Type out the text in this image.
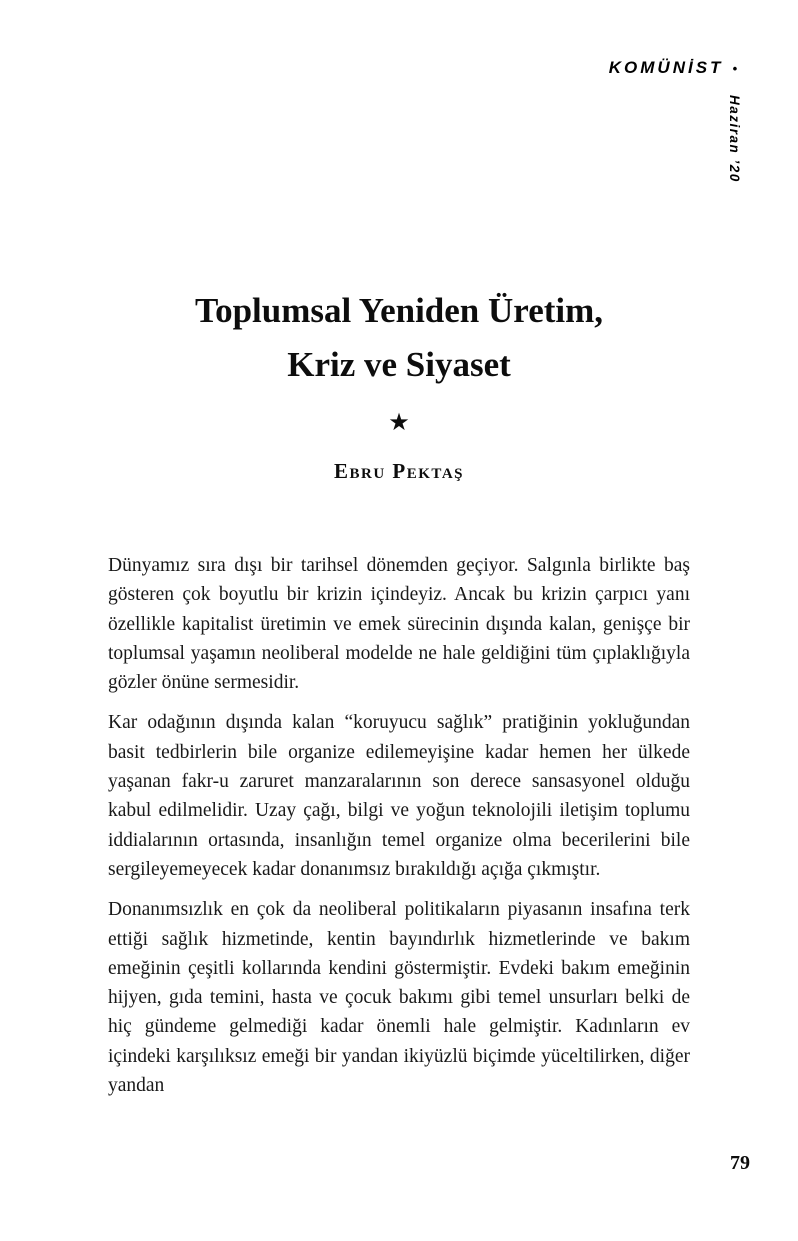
KOMÜNİST •
Haziran ’20
Toplumsal Yeniden Üretim,
Kriz ve Siyaset
★
Ebru Pektaş

Dünyamız sıra dışı bir tarihsel dönemden geçiyor. Salgınla birlikte baş gösteren çok boyutlu bir krizin içindeyiz. Ancak bu krizin çarpıcı yanı özellikle kapitalist üretimin ve emek sürecinin dışında kalan, genişçe bir toplumsal yaşamın neoliberal modelde ne hale geldiğini tüm çıplaklığıyla gözler önüne sermesidir.

Kar odağının dışında kalan “koruyucu sağlık” pratiğinin yokluğundan basit tedbirlerin bile organize edilemeyişine kadar hemen her ülkede yaşanan fakr-u zaruret manzaralarının son derece sansasyonel olduğu kabul edilmelidir. Uzay çağı, bilgi ve yoğun teknolojili iletişim toplumu iddialarının ortasında, insanlığın temel organize olma becerilerini bile sergileyemeyecek kadar donanımsız bırakıldığı açığa çıkmıştır.

Donanımsızlık en çok da neoliberal politikaların piyasanın insafına terk ettiği sağlık hizmetinde, kentin bayındırlık hizmetlerinde ve bakım emeğinin çeşitli kollarında kendini göstermiştir. Evdeki bakım emeğinin hijyen, gıda temini, hasta ve çocuk bakımı gibi temel unsurları belki de hiç gündeme gelmediği kadar önemli hale gelmiştir. Kadınların ev içindeki karşılıksız emeği bir yandan ikiyüzlü biçimde yüceltilirken, diğer yandan

79
